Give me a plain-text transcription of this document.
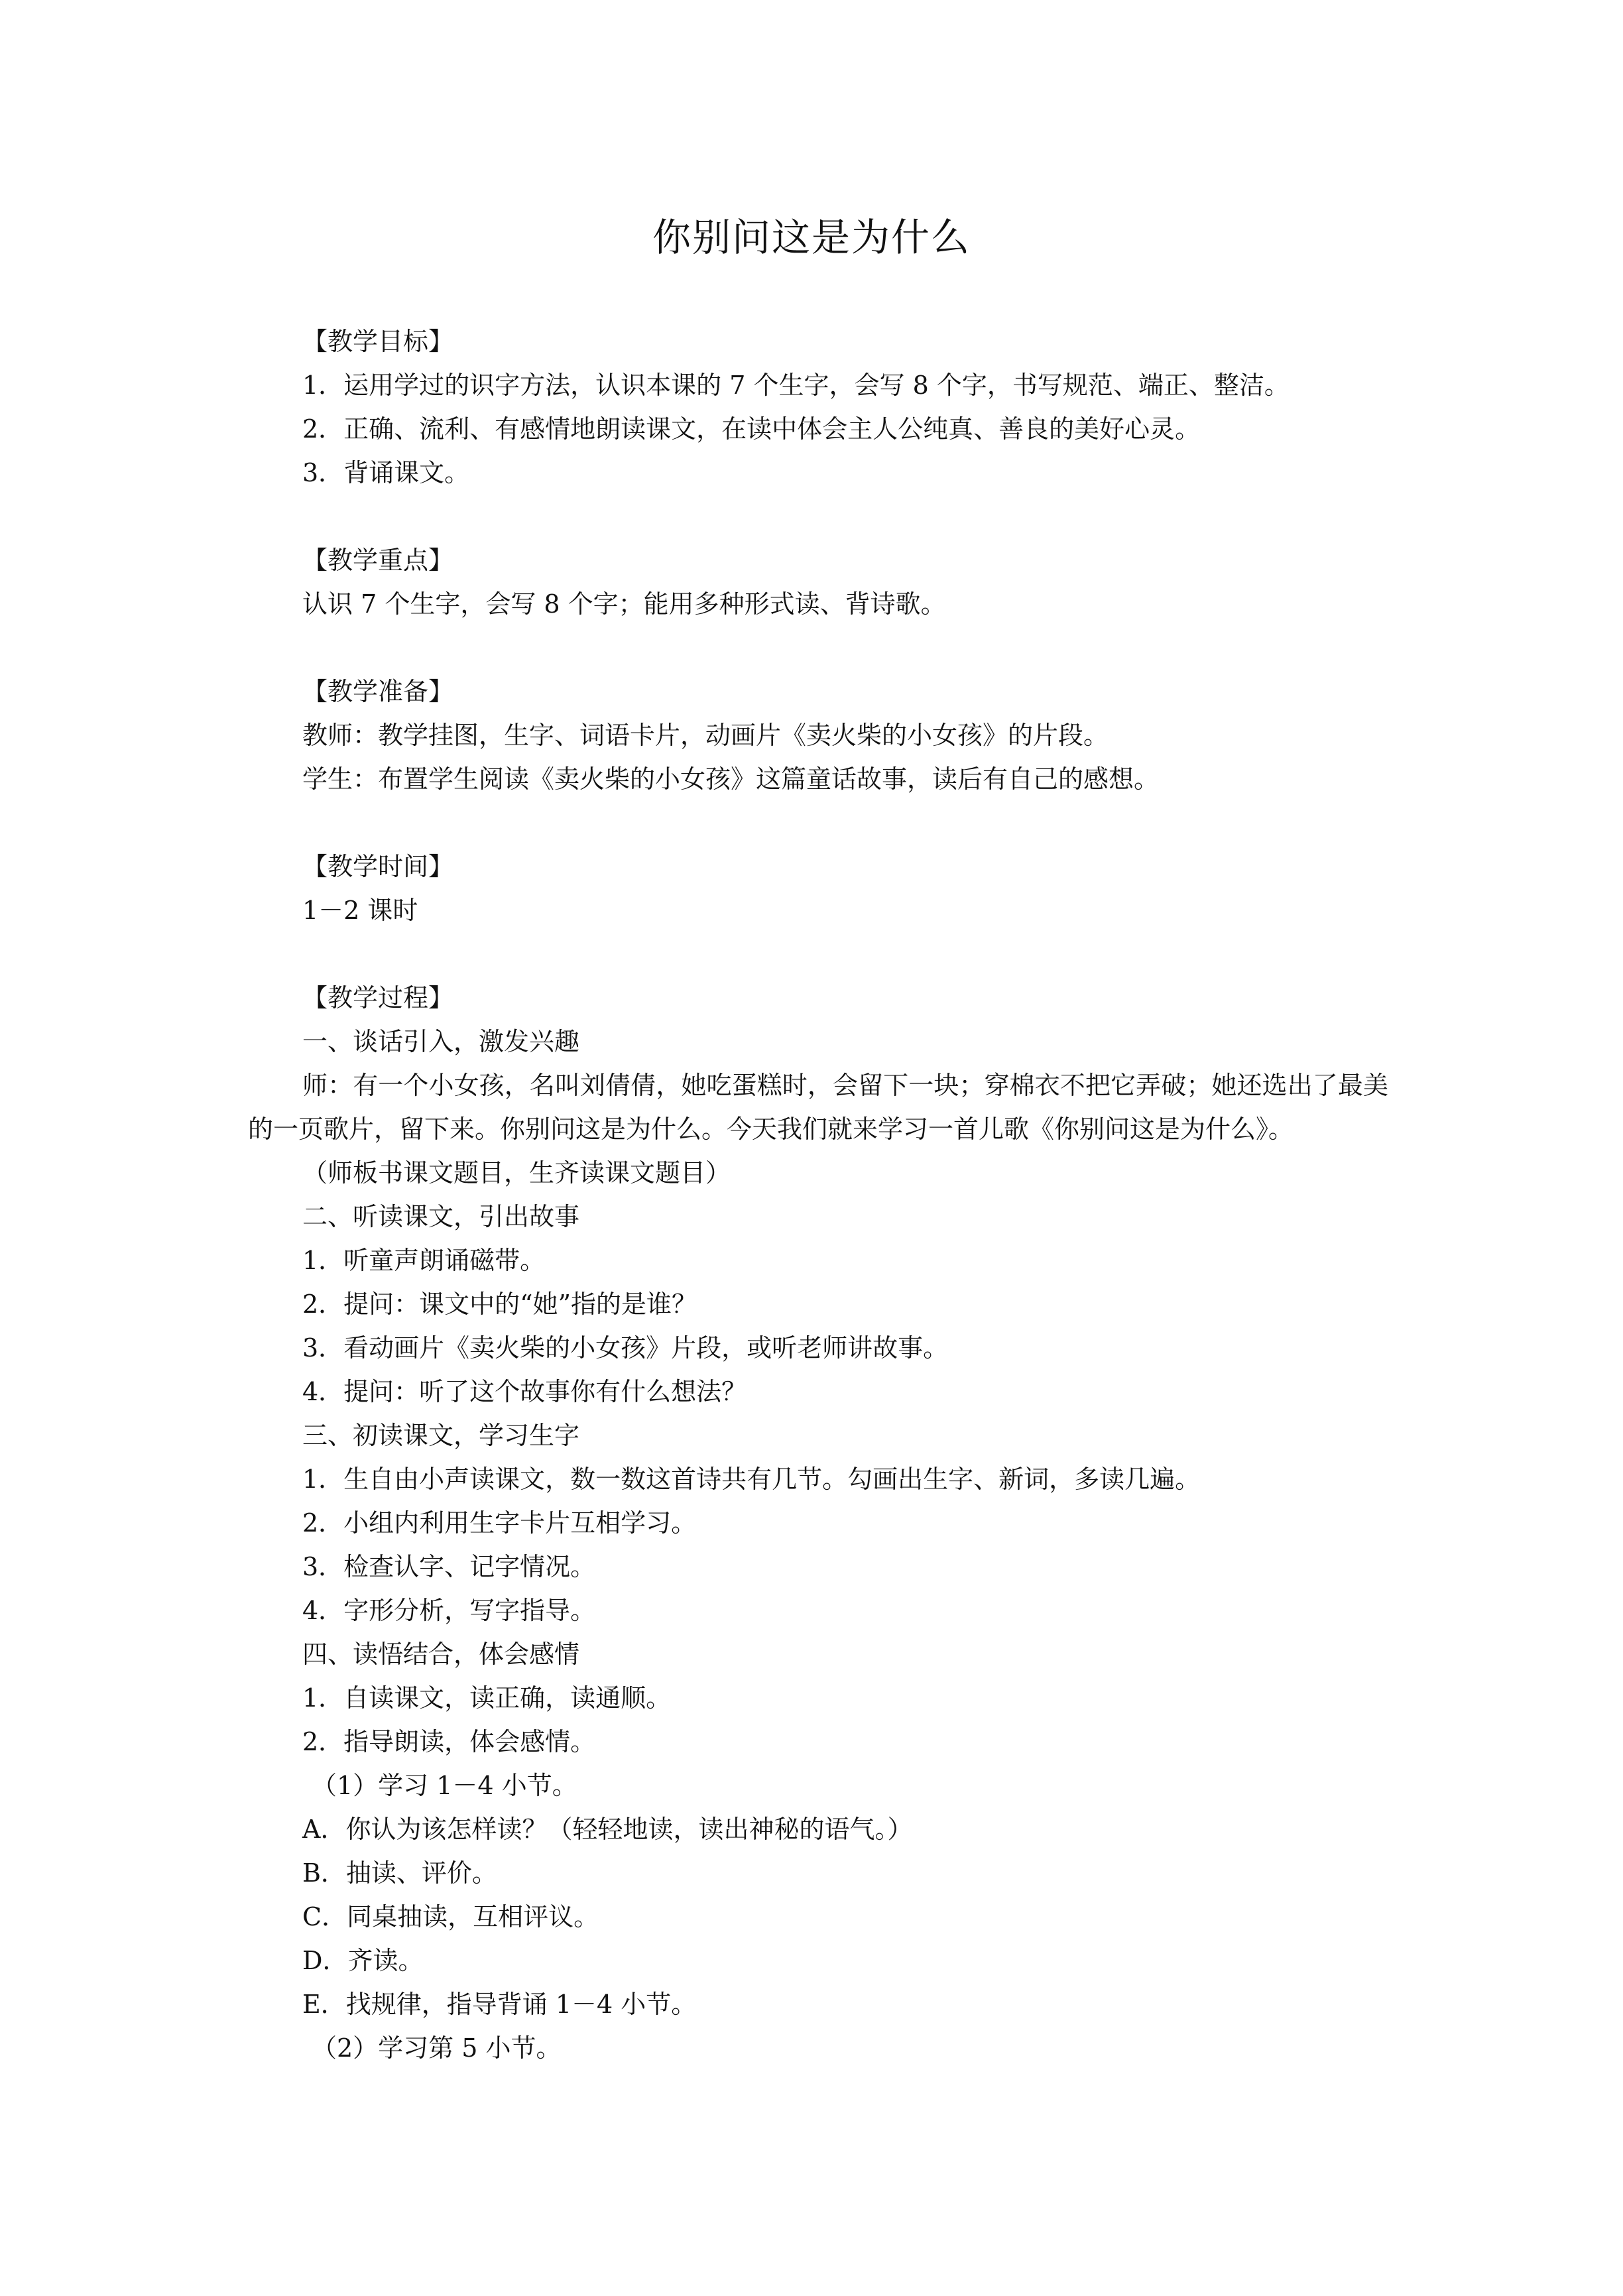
你别问这是为什么

【教学目标】

1．运用学过的识字方法，认识本课的 7 个生字，会写 8 个字，书写规范、端正、整洁。

2．正确、流利、有感情地朗读课文，在读中体会主人公纯真、善良的美好心灵。

3．背诵课文。

【教学重点】

认识 7 个生字，会写 8 个字；能用多种形式读、背诗歌。

【教学准备】

教师：教学挂图，生字、词语卡片，动画片《卖火柴的小女孩》的片段。

学生：布置学生阅读《卖火柴的小女孩》这篇童话故事，读后有自己的感想。

【教学时间】

1－2 课时

【教学过程】

一、谈话引入，激发兴趣

师：有一个小女孩，名叫刘倩倩，她吃蛋糕时，会留下一块；穿棉衣不把它弄破；她还选出了最美的一页歌片，留下来。你别问这是为什么。今天我们就来学习一首儿歌《你别问这是为什么》。

（师板书课文题目，生齐读课文题目）

二、听读课文，引出故事

1．听童声朗诵磁带。

2．提问：课文中的“她”指的是谁？

3．看动画片《卖火柴的小女孩》片段，或听老师讲故事。

4．提问：听了这个故事你有什么想法？

三、初读课文，学习生字

1．生自由小声读课文，数一数这首诗共有几节。勾画出生字、新词，多读几遍。

2．小组内利用生字卡片互相学习。

3．检查认字、记字情况。

4．字形分析，写字指导。

四、读悟结合，体会感情

1．自读课文，读正确，读通顺。

2．指导朗读，体会感情。

（1）学习 1－4 小节。

A．你认为该怎样读？（轻轻地读，读出神秘的语气。）

B．抽读、评价。

C．同桌抽读，互相评议。

D．齐读。

E．找规律，指导背诵 1－4 小节。

（2）学习第 5 小节。
